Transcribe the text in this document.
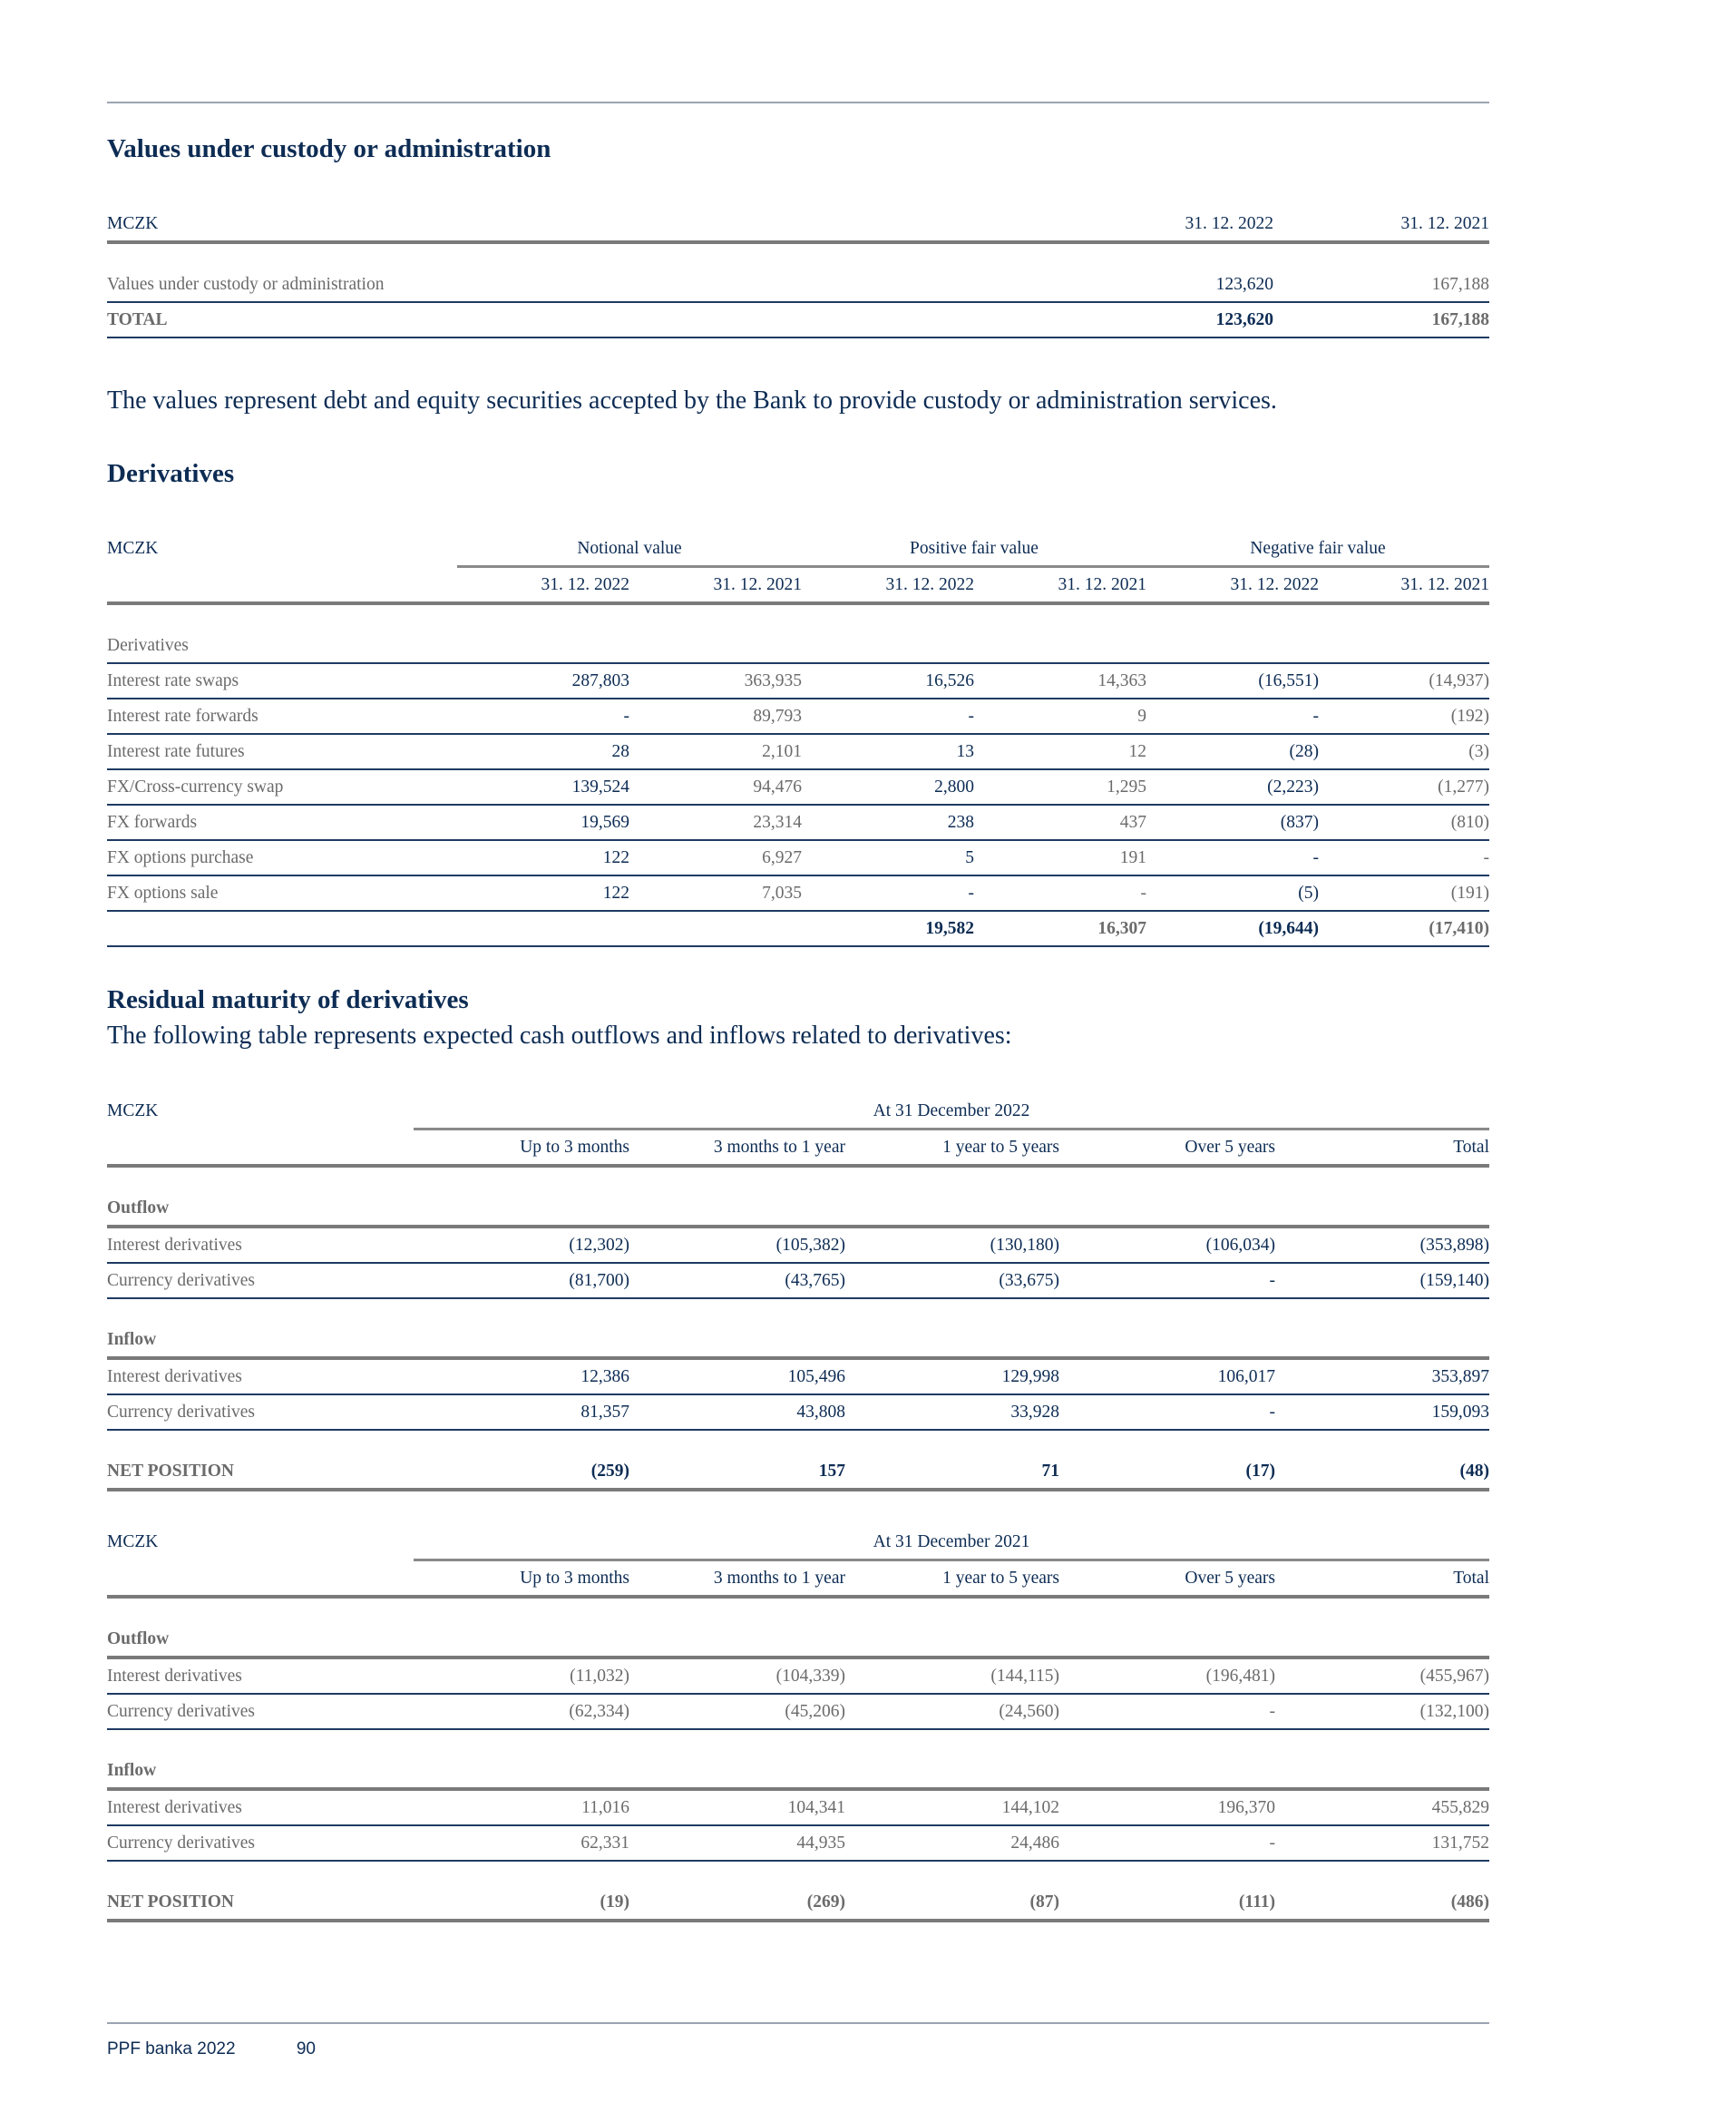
Values under custody or administration
MCZK	31. 12. 2022	31. 12. 2021

Values under custody or administration	123,620	167,188
TOTAL	123,620	167,188

The values represent debt and equity securities accepted by the Bank to provide custody or administration services.

Derivatives
MCZK	Notional value		Positive fair value		Negative fair value	
	31. 12. 2022	31. 12. 2021	31. 12. 2022	31. 12. 2021	31. 12. 2022	31. 12. 2021

Derivatives						
Interest rate swaps	287,803	363,935	16,526	14,363	(16,551)	(14,937)
Interest rate forwards	-	89,793	-	9	-	(192)
Interest rate futures	28	2,101	13	12	(28)	(3)
FX/Cross-currency swap	139,524	94,476	2,800	1,295	(2,223)	(1,277)
FX forwards	19,569	23,314	238	437	(837)	(810)
FX options purchase	122	6,927	5	191	-	-
FX options sale	122	7,035	-	-	(5)	(191)
			19,582	16,307	(19,644)	(17,410)
Residual maturity of derivatives

The following table represents expected cash outflows and inflows related to derivatives:

MCZK	At 31 December 2022				
	Up to 3 months	3 months to 1 year	1 year to 5 years	Over 5 years	Total

Outflow					
Interest derivatives	(12,302)	(105,382)	(130,180)	(106,034)	(353,898)
Currency derivatives	(81,700)	(43,765)	(33,675)	-	(159,140)

Inflow					
Interest derivatives	12,386	105,496	129,998	106,017	353,897
Currency derivatives	81,357	43,808	33,928	-	159,093

NET POSITION	(259)	157	71	(17)	(48)
MCZK	At 31 December 2021				
	Up to 3 months	3 months to 1 year	1 year to 5 years	Over 5 years	Total

Outflow					
Interest derivatives	(11,032)	(104,339)	(144,115)	(196,481)	(455,967)
Currency derivatives	(62,334)	(45,206)	(24,560)	-	(132,100)

Inflow					
Interest derivatives	11,016	104,341	144,102	196,370	455,829
Currency derivatives	62,331	44,935	24,486	-	131,752

NET POSITION	(19)	(269)	(87)	(111)	(486)
PPF banka 2022	90
